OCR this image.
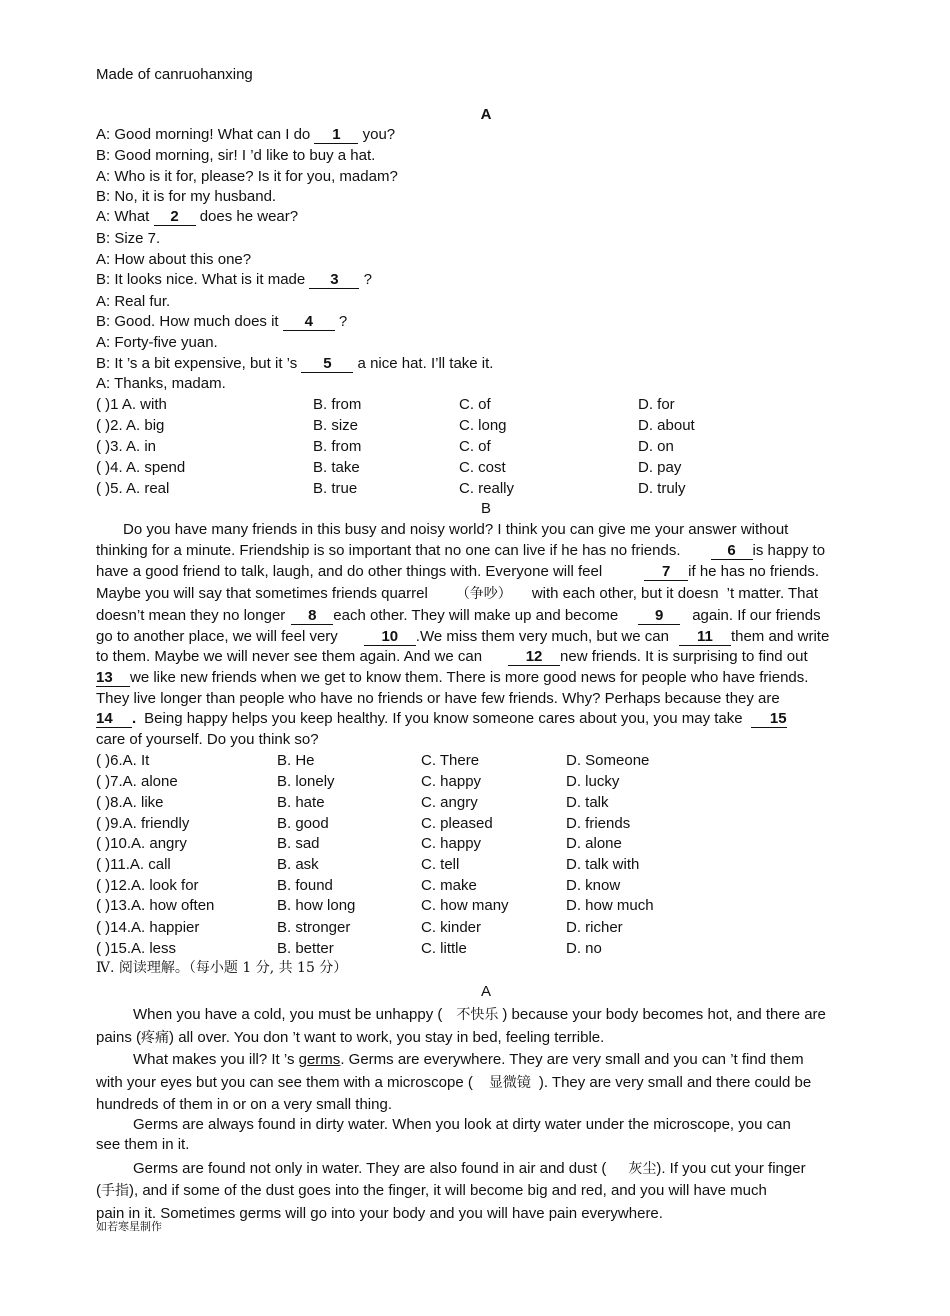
Made of canruohanxing
A
A: Good morning! What can I do 1 you?
B: Good morning, sir! I ’d like to buy a hat.
A: Who is it for, please? Is it for you, madam?
B: No, it is for my husband.
A: What 2 does he wear?
B: Size 7.
A: How about this one?
B: It looks nice. What is it made 3 ?
A: Real fur.
B: Good. How much does it 4 ?
A: Forty-five yuan.
B: It ’s a bit expensive, but it ’s 5 a nice hat. I’ll take it.
A: Thanks, madam.
( )1 A. with	B. from	C. of	D. for
( )2. A. big	B. size	C. long	D. about
( )3. A. in	B. from	C. of	D. on
( )4. A. spend	B. take	C. cost	D. pay
( )5. A. real	B. true	C. really	D. truly
B
Do you have many friends in this busy and noisy world? I think you can give me your answer without
thinking for a minute. Friendship is so important that no one can live if he has no friends.	6 is happy to
have a good friend to talk, laugh, and do other things with. Everyone will feel	7 if he has no friends.
Maybe you will say that sometimes friends quarrel （争吵） with each other, but it doesn ’t matter. That
doesn’t mean they no longer 8 each other. They will make up and become 9 again. If our friends
go to another place, we will feel very	10 .We miss them very much, but we can 11 them and write
to them. Maybe we will never see them again. And we can	12 new friends. It is surprising to find out
13 we like new friends when we get to know them. There is more good news for people who have friends.
They live longer than people who have no friends or have few friends. Why? Perhaps because they are
14 . Being happy helps you keep healthy. If you know someone cares about you, you may take 15
care of yourself. Do you think so?
( )6.A. It	B. He	C. There	D. Someone
( )7.A. alone	B. lonely	C. happy	D. lucky
( )8.A. like	B. hate	C. angry	D. talk
( )9.A. friendly	B. good	C. pleased	D. friends
( )10.A. angry	B. sad	C. happy	D. alone
( )11.A. call	B. ask	C. tell	D. talk with
( )12.A. look for	B. found	C. make	D. know
( )13.A. how often	B. how long	C. how many	D. how much
( )14.A. happier	B. stronger	C. kinder	D. richer
( )15.A. less	B. better	C. little	D. no
Ⅳ. 阅读理解。（每小题 1 分, 共 15 分）
A
When you have a cold, you must be unhappy ( 不快乐 ) because your body becomes hot, and there are
pains (疼痛) all over. You don ’t want to work, you stay in bed, feeling terrible.
What makes you ill? It ’s germs. Germs are everywhere. They are very small and you can ’t find them
with your eyes but you can see them with a microscope ( 显微镜 ). They are very small and there could be
hundreds of them in or on a very small thing.
Germs are always found in dirty water. When you look at dirty water under the microscope, you can
see them in it.
Germs are found not only in water. They are also found in air and dust ( 灰尘). If you cut your finger
(手指), and if some of the dust goes into the finger, it will become big and red, and you will have much
pain in it. Sometimes germs will go into your body and you will have pain everywhere.
如若寒星制作
